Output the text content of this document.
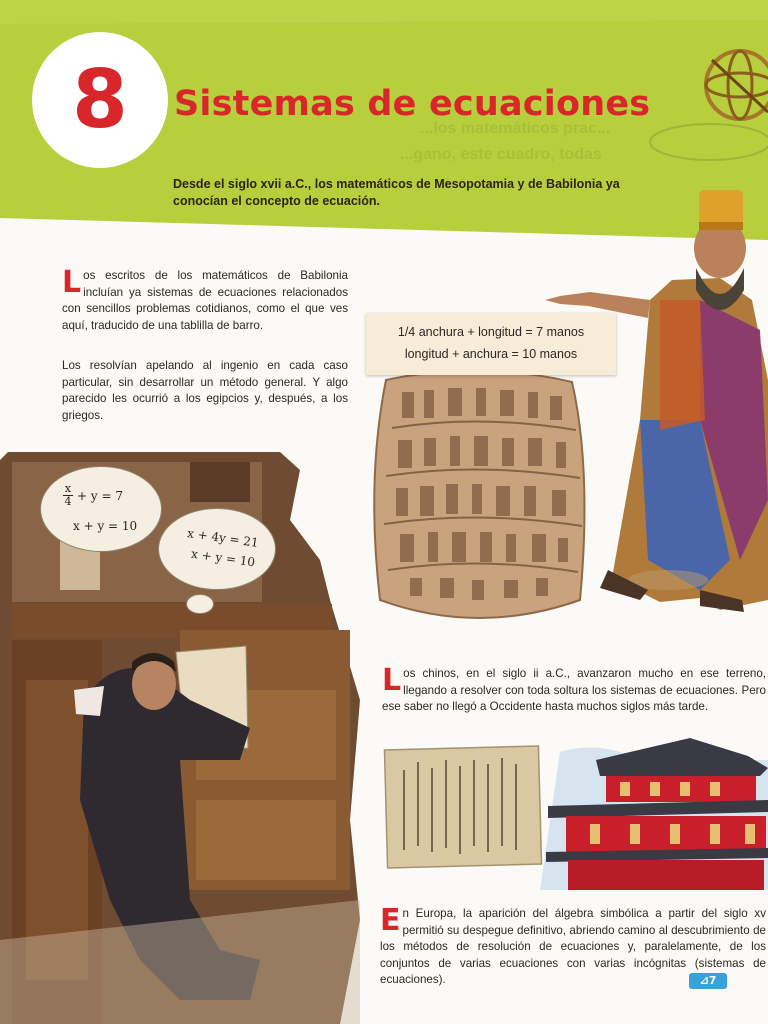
...los matemáticos prac...
...gano, este cuadro, todas
8 Sistemas de ecuaciones
Desde el siglo xvii a.C., los matemáticos de Mesopotamia y de Babilonia ya conocían el concepto de ecuación.
x
4 + y = 7
x + y = 10
x + 4y = 21
x + y = 10
Los escritos de los matemáticos de Babilonia incluían ya sistemas de ecuaciones relacionados con sencillos problemas cotidianos, como el que ves aquí, traducido de una tablilla de barro.
Los resolvían apelando al ingenio en cada caso particular, sin desarrollar un método general. Y algo parecido les ocurrió a los egipcios y, después, a los griegos.
1/4 anchura + longitud = 7 manos
longitud + anchura = 10 manos
Los chinos, en el siglo ii a.C., avanzaron mucho en ese terreno, llegando a resolver con toda soltura los sistemas de ecuaciones. Pero ese saber no llegó a Occidente hasta muchos siglos más tarde.
En Europa, la aparición del álgebra simbólica a partir del siglo xv permitió su despegue definitivo, abriendo camino al descubrimiento de los métodos de resolución de ecuaciones y, paralelamente, de los conjuntos de varias ecuaciones con varias incógnitas (sistemas de ecuaciones).	⊿7
